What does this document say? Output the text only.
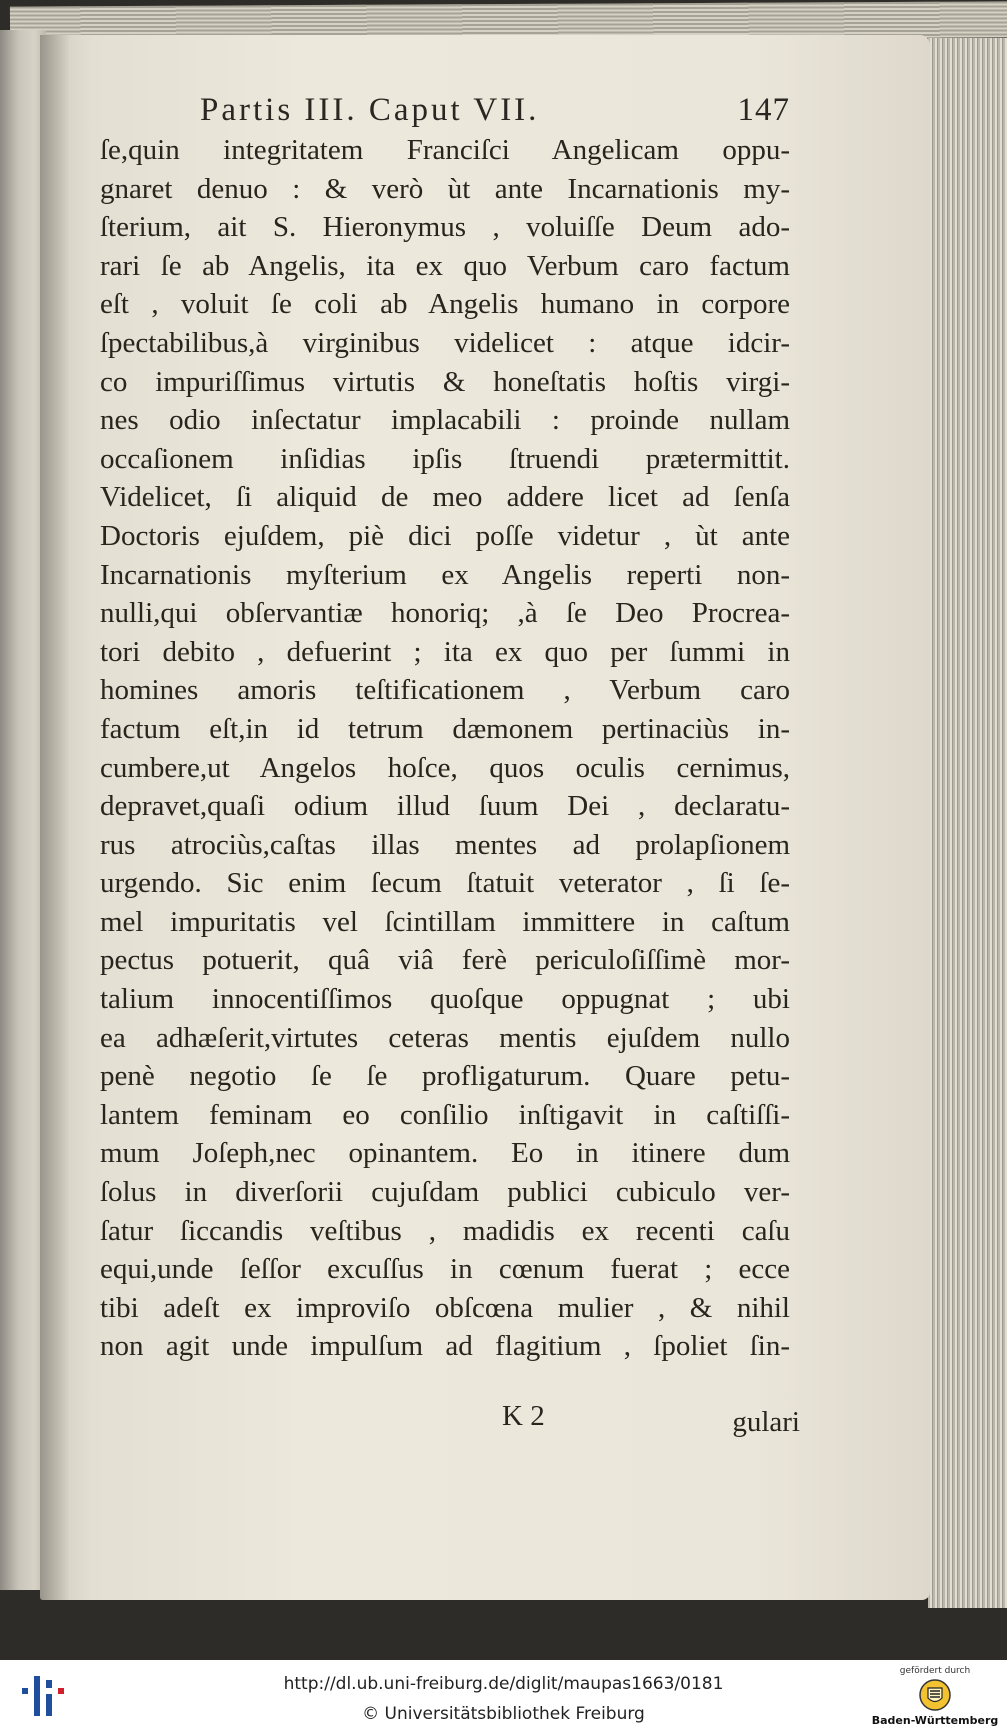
Partis III. Caput VII.	147
ſe,quin integritatem Franciſci Angelicam oppu-
gnaret denuo : & verò ùt ante Incarnationis my-
ſterium, ait S. Hieronymus , voluiſſe Deum ado-
rari ſe ab Angelis, ita ex quo Verbum caro factum
eſt , voluit ſe coli ab Angelis humano in corpore
ſpectabilibus,à virginibus videlicet : atque idcir-
co impuriſſimus virtutis & honeſtatis hoſtis virgi-
nes odio inſectatur implacabili : proinde nullam
occaſionem inſidias ipſis ſtruendi prætermittit.
Videlicet, ſi aliquid de meo addere licet ad ſenſa
Doctoris ejuſdem, piè dici poſſe videtur , ùt ante
Incarnationis myſterium ex Angelis reperti non-
nulli,qui obſervantiæ honoriq; ,à ſe Deo Procrea-
tori debito , defuerint ; ita ex quo per ſummi in
homines amoris teſtificationem , Verbum caro
factum eſt,in id tetrum dæmonem pertinaciùs in-
cumbere,ut Angelos hoſce, quos oculis cernimus,
depravet,quaſi odium illud ſuum Dei , declaratu-
rus atrociùs,caſtas illas mentes ad prolapſionem
urgendo. Sic enim ſecum ſtatuit veterator , ſi ſe-
mel impuritatis vel ſcintillam immittere in caſtum
pectus potuerit, quâ viâ ferè periculoſiſſimè mor-
talium innocentiſſimos quoſque oppugnat ; ubi
ea adhæſerit,virtutes ceteras mentis ejuſdem nullo
penè negotio ſe ſe profligaturum. Quare petu-
lantem feminam eo conſilio inſtigavit in caſtiſſi-
mum Joſeph,nec opinantem. Eo in itinere dum
ſolus in diverſorii cujuſdam publici cubiculo ver-
ſatur ſiccandis veſtibus , madidis ex recenti caſu
equi,unde ſeſſor excuſſus in cœnum fuerat ; ecce
tibi adeſt ex improviſo obſcœna mulier , & nihil
non agit unde impulſum ad flagitium , ſpoliet ſin-
K 2	gulari
http://dl.ub.uni-freiburg.de/diglit/maupas1663/0181
© Universitätsbibliothek Freiburg
gefördert durch
Baden-Württemberg
